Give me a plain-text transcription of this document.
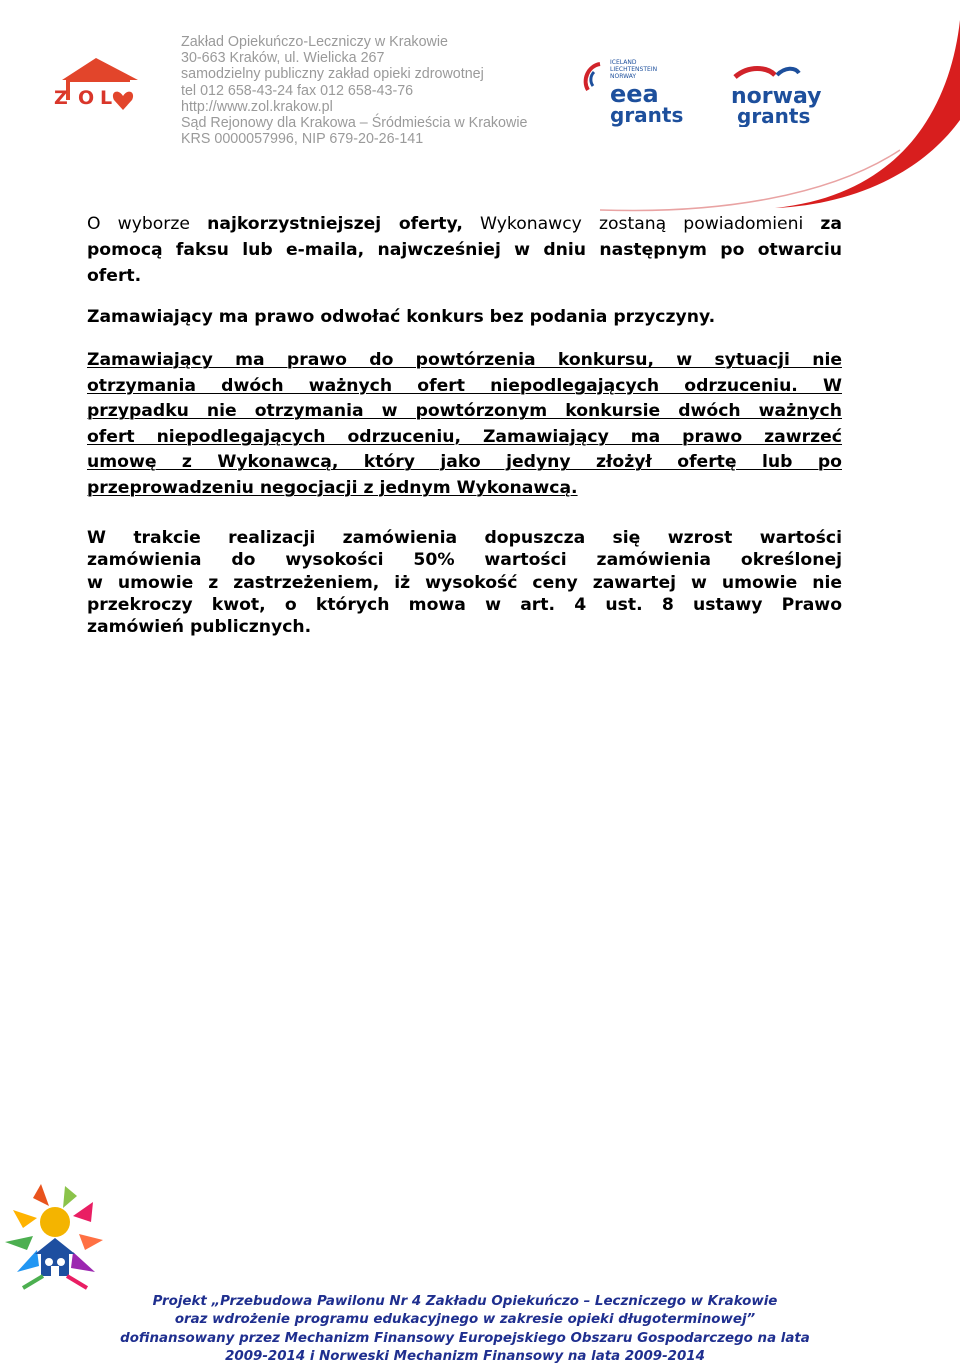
Z O L
Zakład Opiekuńczo-Leczniczy w Krakowie
30-663 Kraków, ul. Wielicka 267
samodzielny publiczny zakład opieki zdrowotnej
tel 012 658-43-24 fax 012 658-43-76
http://www.zol.krakow.pl
Sąd Rejonowy dla Krakowa – Śródmieścia w Krakowie
KRS 0000057996, NIP 679-20-26-141
ICELAND
LIECHTENSTEIN
NORWAY
eea
grants
norway
grants
O wyborze najkorzystniejszej oferty, Wykonawcy zostaną powiadomieni za
pomocą faksu lub e-maila, najwcześniej w dniu następnym po otwarciu
ofert.
Zamawiający ma prawo odwołać konkurs bez podania przyczyny.
Zamawiający ma prawo do powtórzenia konkursu, w sytuacji nie
otrzymania dwóch ważnych ofert niepodlegających odrzuceniu. W
przypadku nie otrzymania w powtórzonym konkursie dwóch ważnych
ofert niepodlegających odrzuceniu, Zamawiający ma prawo zawrzeć
umowę z Wykonawcą, który jako jedyny złożył ofertę lub po
przeprowadzeniu negocjacji z jednym Wykonawcą.
W trakcie realizacji zamówienia dopuszcza się wzrost wartości
zamówienia do wysokości 50% wartości zamówienia określonej
w umowie z zastrzeżeniem, iż wysokość ceny zawartej w umowie nie
przekroczy kwot, o których mowa w art. 4 ust. 8 ustawy Prawo
zamówień publicznych.
Projekt „Przebudowa Pawilonu Nr 4 Zakładu Opiekuńczo – Leczniczego w Krakowie
oraz wdrożenie programu edukacyjnego w zakresie opieki długoterminowej”
dofinansowany przez Mechanizm Finansowy Europejskiego Obszaru Gospodarczego na lata
2009-2014 i Norweski Mechanizm Finansowy na lata 2009-2014
